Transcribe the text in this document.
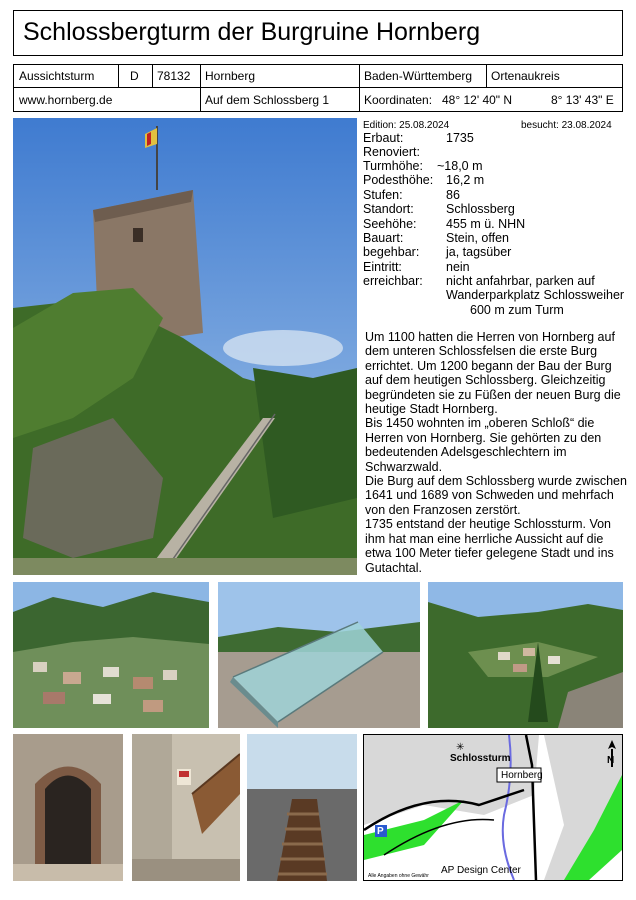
Schlossbergturm der Burgruine Hornberg
Aussichtsturm	D 78132 Hornberg	Baden-Württemberg Ortenaukreis
www.hornberg.de	Auf dem Schlossberg 1	Koordinaten: 48° 12' 40" N	8° 13' 43" E
Edition: 25.08.2024	besucht: 23.08.2024
Erbaut:	1735
Renoviert:
Turmhöhe: ~18,0 m
Podesthöhe: 16,2 m
Stufen:	86
Standort:	Schlossberg
Seehöhe: 455 m ü. NHN
Bauart:	Stein, offen
begehbar: ja, tagsüber
Eintritt:	nein
erreichbar: nicht anfahrbar, parken auf
Wanderparkplatz Schlossweiher
600 m zum Turm
Um 1100 hatten die Herren von Hornberg auf
dem unteren Schlossfelsen die erste Burg
errichtet. Um 1200 begann der Bau der Burg
auf dem heutigen Schlossberg. Gleichzeitig
begründeten sie zu Füßen der neuen Burg die
heutige Stadt Hornberg.
Bis 1450 wohnten im „oberen Schloß“ die
Herren von Hornberg. Sie gehörten zu den
bedeutenden Adelsgeschlechtern im
Schwarzwald.
Die Burg auf dem Schlossberg wurde zwischen
1641 und 1689 von Schweden und mehrfach
von den Franzosen zerstört.
1735 entstand der heutige Schlossturm. Von
ihm hat man eine herrliche Aussicht auf die
etwa 100 Meter tiefer gelegene Stadt und ins
Gutachtal.
✳
Schlossturm
Hornberg
P
N
AP Design Center
Alle Angaben ohne Gewähr
